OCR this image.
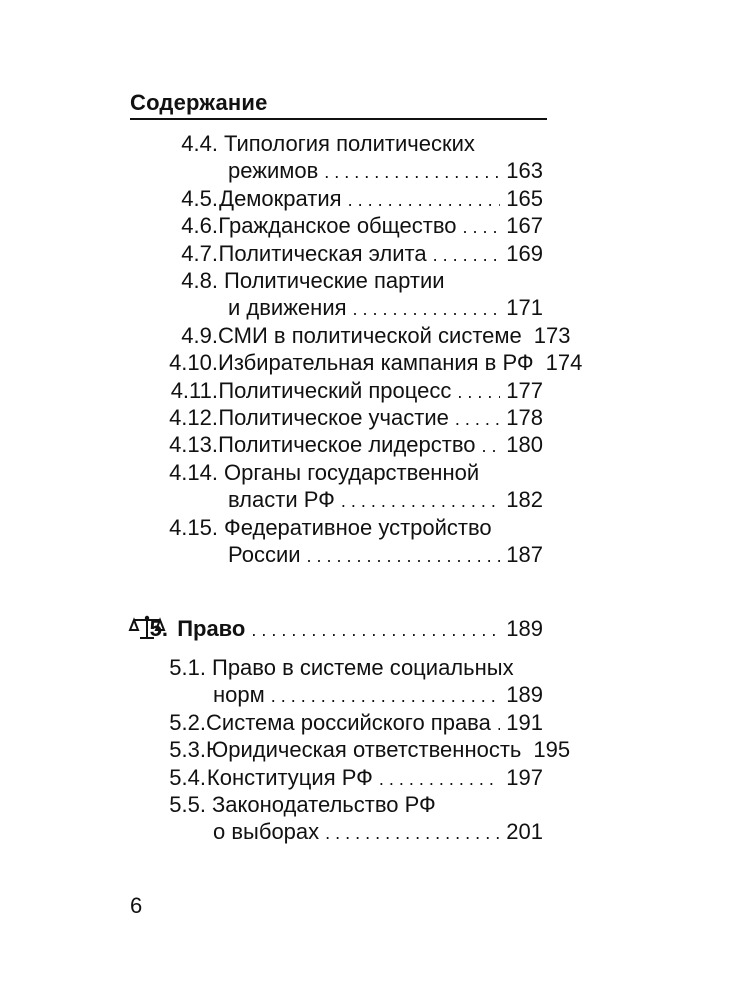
Содержание
4.4. Типология политических
режимов . . .	163
4.5. Демократия . . .	165
4.6. Гражданское общество . . . 167
4.7. Политическая элита . . .	169
4.8. Политические партии
и движения . . .	171
4.9. СМИ в политической системе 173
4.10. Избирательная кампания в РФ 174
4.11. Политический процесс . . . 177
4.12. Политическое участие . . .	178
4.13. Политическое лидерство . . . 180
4.14. Органы государственной
власти РФ . . .	182
4.15. Федеративное устройство
России . . .	187
5. Право . . .	189
5.1. Право в системе социальных
норм . . .	189
5.2. Система российского права . . . 191
5.3. Юридическая ответственность 195
5.4. Конституция РФ . . .	197
5.5. Законодательство РФ
о выборах . . .	201
6
